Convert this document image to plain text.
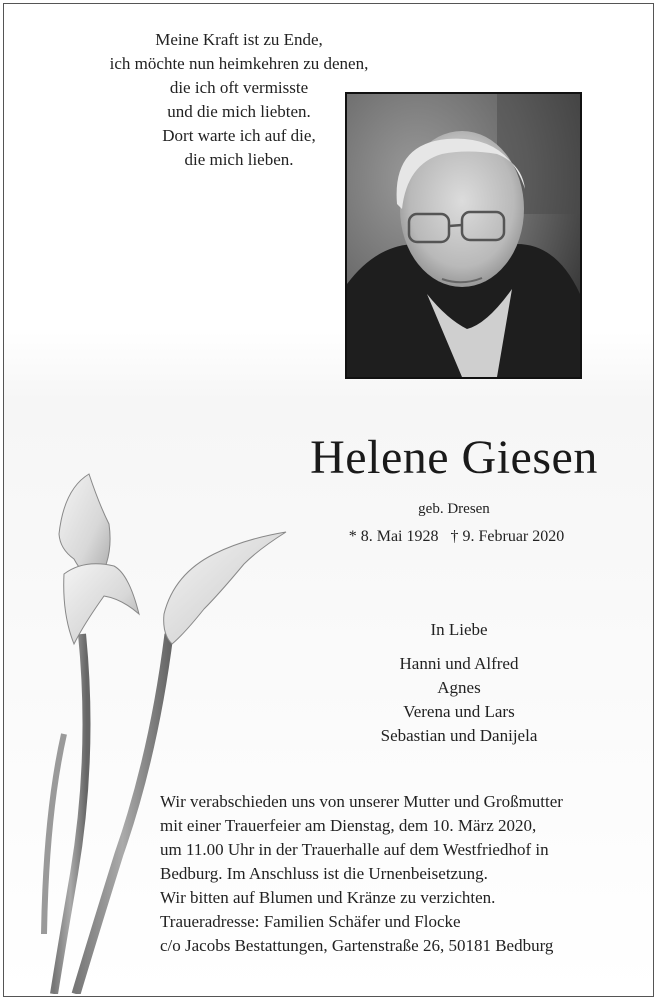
Meine Kraft ist zu Ende,
ich möchte nun heimkehren zu denen,
die ich oft vermisste
und die mich liebten.
Dort warte ich auf die,
die mich lieben.
Helene Giesen
geb. Dresen
* 8. Mai 1928 † 9. Februar 2020
In Liebe
Hanni und Alfred
Agnes
Verena und Lars
Sebastian und Danijela
Wir verabschieden uns von unserer Mutter und Großmutter
mit einer Trauerfeier am Dienstag, dem 10. März 2020,
um 11.00 Uhr in der Trauerhalle auf dem Westfriedhof in
Bedburg. Im Anschluss ist die Urnenbeisetzung.
Wir bitten auf Blumen und Kränze zu verzichten.
Traueradresse: Familien Schäfer und Flocke
c/o Jacobs Bestattungen, Gartenstraße 26, 50181 Bedburg
